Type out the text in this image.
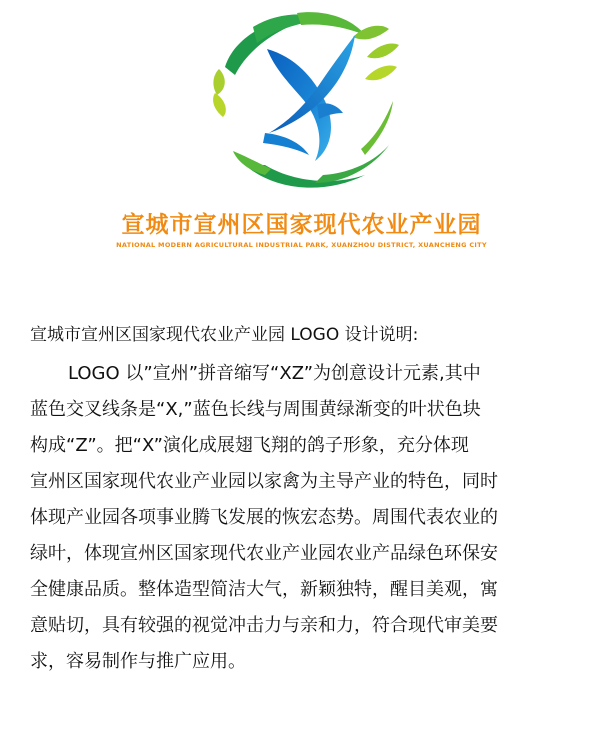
宣城市宣州区国家现代农业产业园
NATIONAL MODERN AGRICULTURAL INDUSTRIAL PARK, XUANZHOU DISTRICT, XUANCHENG CITY
宣城市宣州区国家现代农业产业园 LOGO 设计说明:
LOGO 以”宣州”拼音缩写“XZ”为创意设计元素,其中
蓝色交叉线条是“X,”蓝色长线与周围黄绿渐变的叶状色块
构成“Z”。把“X”演化成展翅飞翔的鸽子形象，充分体现
宣州区国家现代农业产业园以家禽为主导产业的特色，同时
体现产业园各项事业腾飞发展的恢宏态势。周围代表农业的
绿叶，体现宣州区国家现代农业产业园农业产品绿色环保安
全健康品质。整体造型简洁大气，新颖独特，醒目美观，寓
意贴切，具有较强的视觉冲击力与亲和力，符合现代审美要
求，容易制作与推广应用。
